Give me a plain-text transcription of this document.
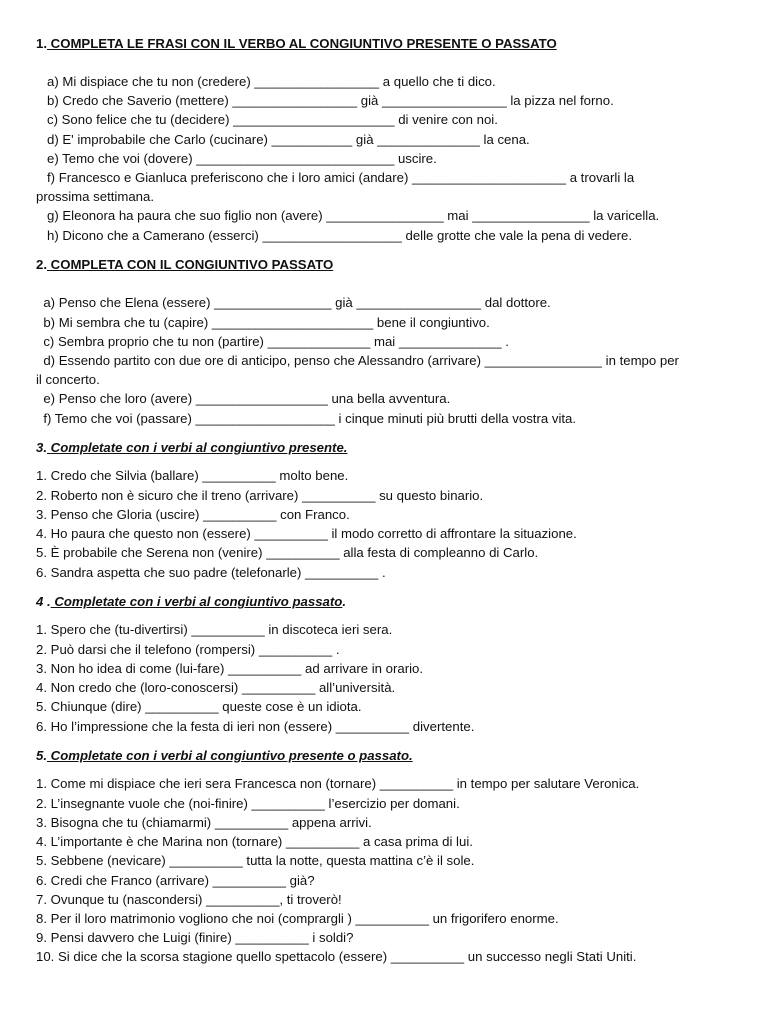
1. COMPLETA LE FRASI CON IL VERBO AL CONGIUNTIVO PRESENTE O PASSATO
a) Mi dispiace che tu non (credere) _________________ a quello che ti dico.
b) Credo che Saverio (mettere) _________________ già _________________ la pizza nel forno.
c) Sono felice che tu (decidere) ______________________ di venire con noi.
d) E' improbabile che Carlo (cucinare) ___________ già ______________ la cena.
e) Temo che voi (dovere) ___________________________ uscire.
f) Francesco e Gianluca preferiscono che i loro amici (andare) _____________________ a trovarli la
prossima settimana.
g) Eleonora ha paura che suo figlio non (avere) ________________ mai ________________ la varicella.
h) Dicono che a Camerano (esserci) ___________________ delle grotte che vale la pena di vedere.
2. COMPLETA CON IL CONGIUNTIVO PASSATO
a) Penso che Elena (essere) ________________ già _________________ dal dottore.
b) Mi sembra che tu (capire) ______________________ bene il congiuntivo.
c) Sembra proprio che tu non (partire) ______________ mai ______________ .
d) Essendo partito con due ore di anticipo, penso che Alessandro (arrivare) ________________ in tempo per
il concerto.
e) Penso che loro (avere) __________________ una bella avventura.
f) Temo che voi (passare) ___________________ i cinque minuti più brutti della vostra vita.
3. Completate con i verbi al congiuntivo presente.
1. Credo che Silvia (ballare) __________ molto bene.
2. Roberto non è sicuro che il treno (arrivare) __________ su questo binario.
3. Penso che Gloria (uscire) __________ con Franco.
4. Ho paura che questo non (essere) __________ il modo corretto di affrontare la situazione.
5. È probabile che Serena non (venire) __________ alla festa di compleanno di Carlo.
6. Sandra aspetta che suo padre (telefonarle) __________ .
4 . Completate con i verbi al congiuntivo passato.
1. Spero che (tu-divertirsi) __________ in discoteca ieri sera.
2. Può darsi che il telefono (rompersi) __________ .
3. Non ho idea di come (lui-fare) __________ ad arrivare in orario.
4. Non credo che (loro-conoscersi) __________ all’università.
5. Chiunque (dire) __________ queste cose è un idiota.
6. Ho l’impressione che la festa di ieri non (essere) __________ divertente.
5. Completate con i verbi al congiuntivo presente o passato.
1. Come mi dispiace che ieri sera Francesca non (tornare) __________ in tempo per salutare Veronica.
2. L’insegnante vuole che (noi-finire) __________ l’esercizio per domani.
3. Bisogna che tu (chiamarmi) __________ appena arrivi.
4. L’importante è che Marina non (tornare) __________ a casa prima di lui.
5. Sebbene (nevicare) __________ tutta la notte, questa mattina c’è il sole.
6. Credi che Franco (arrivare) __________ già?
7. Ovunque tu (nascondersi) __________, ti troverò!
8. Per il loro matrimonio vogliono che noi (comprargli ) __________ un frigorifero enorme.
9. Pensi davvero che Luigi (finire) __________ i soldi?
10. Si dice che la scorsa stagione quello spettacolo (essere) __________ un successo negli Stati Uniti.
